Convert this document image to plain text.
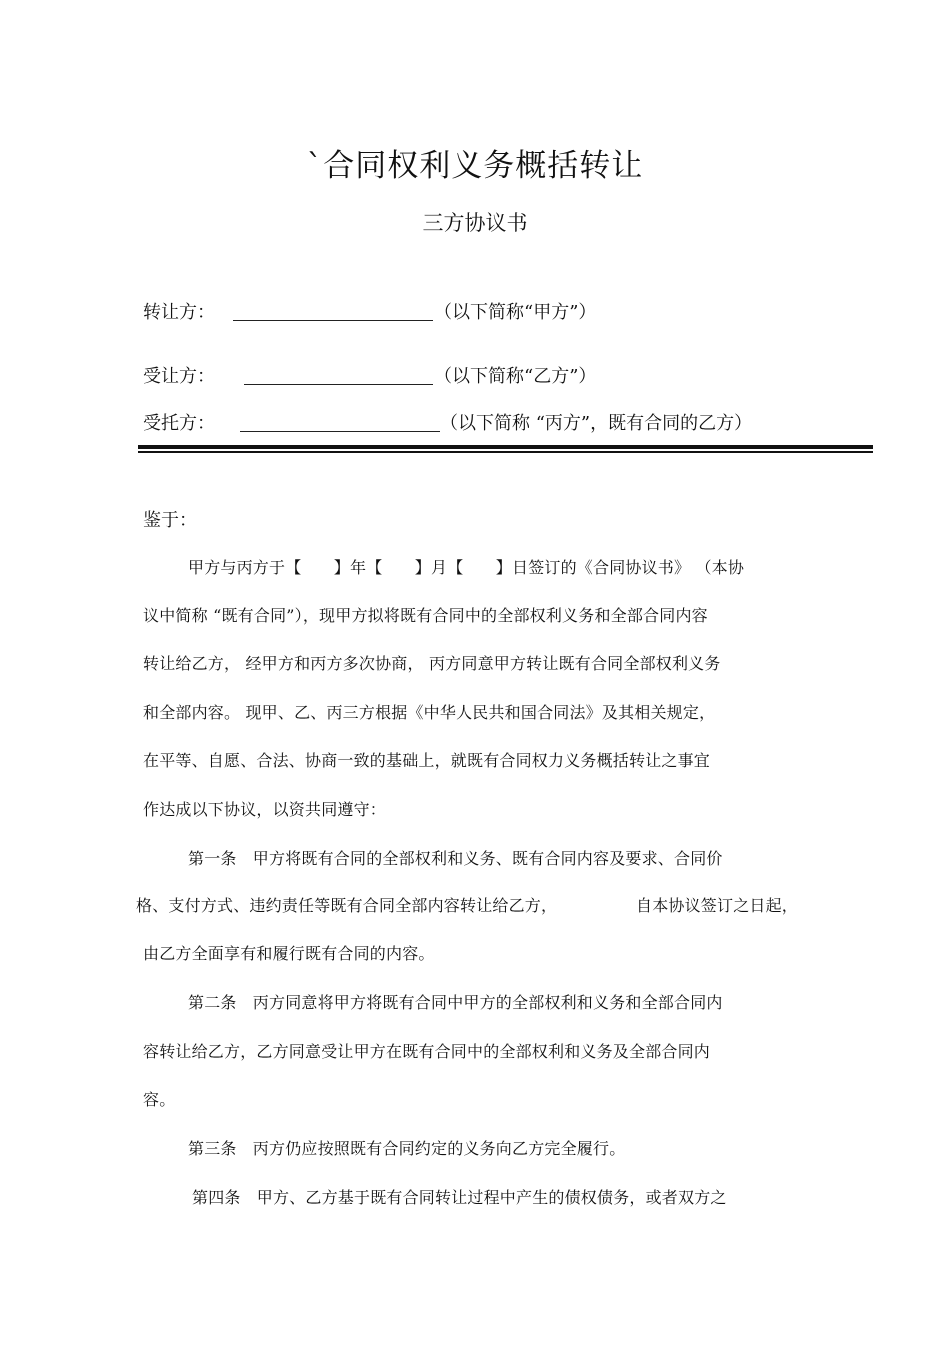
`合同权利义务概括转让
三方协议书
转让方：	（以下简称“甲方”）
受让方：	（以下简称“乙方”）
受托方：	（以下简称 “丙方”，既有合同的乙方）
鉴于：
甲方与丙方于【　　】年【　　】月【　　】日签订的《合同协议书》 （本协
议中简称 “既有合同”），现甲方拟将既有合同中的全部权利义务和全部合同内容
转让给乙方， 经甲方和丙方多次协商， 丙方同意甲方转让既有合同全部权利义务
和全部内容。 现甲、乙、丙三方根据《中华人民共和国合同法》及其相关规定，
在平等、自愿、合法、协商一致的基础上，就既有合同权力义务概括转让之事宜
作达成以下协议，以资共同遵守：
第一条　甲方将既有合同的全部权利和义务、既有合同内容及要求、合同价
格、支付方式、违约责任等既有合同全部内容转让给乙方，	自本协议签订之日起，
由乙方全面享有和履行既有合同的内容。
第二条　丙方同意将甲方将既有合同中甲方的全部权利和义务和全部合同内
容转让给乙方，乙方同意受让甲方在既有合同中的全部权利和义务及全部合同内
容。
第三条　丙方仍应按照既有合同约定的义务向乙方完全履行。
第四条　甲方、乙方基于既有合同转让过程中产生的债权债务，或者双方之
